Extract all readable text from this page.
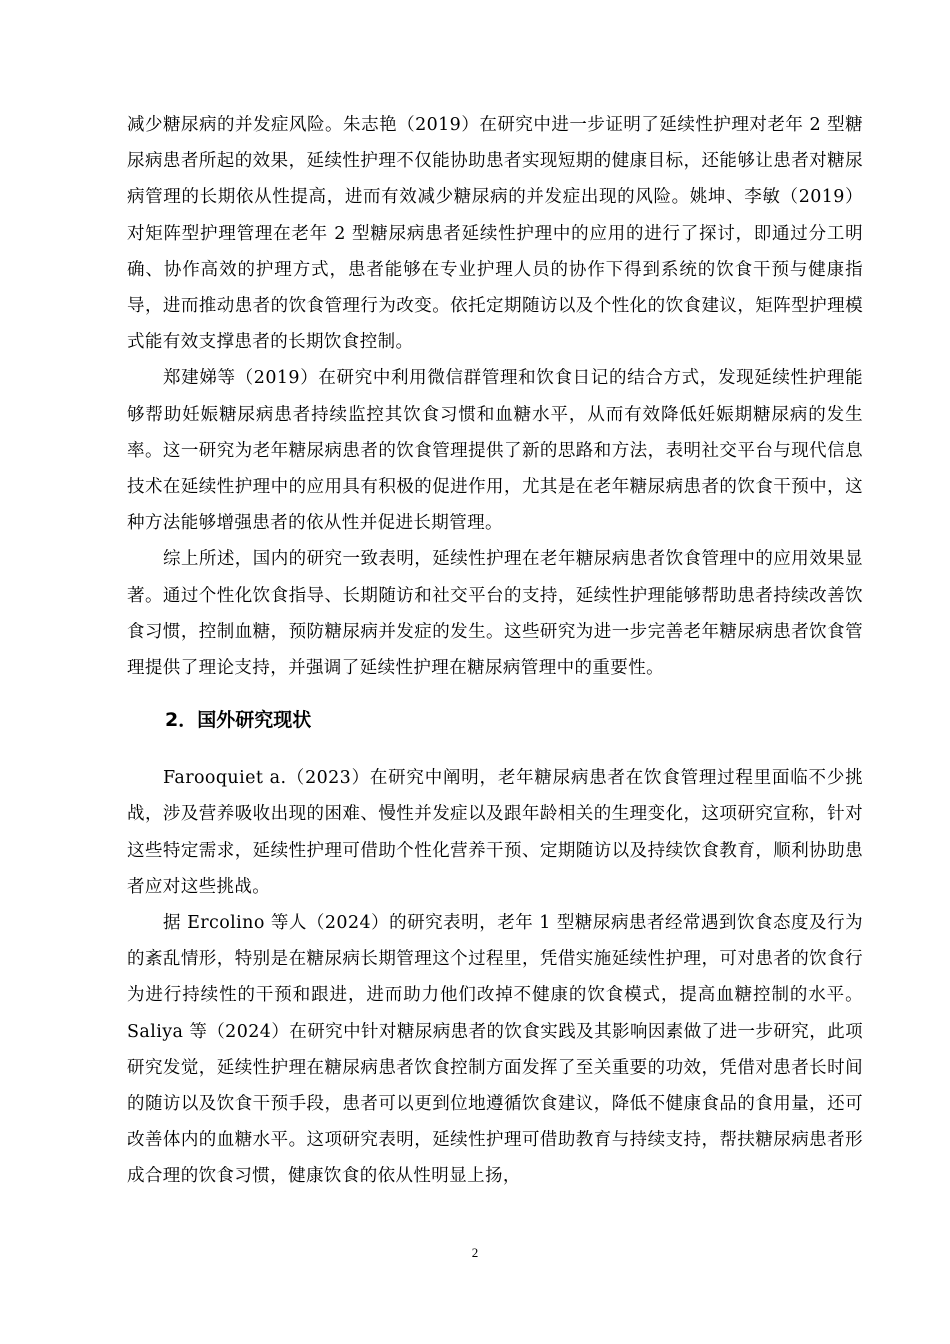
减少糖尿病的并发症风险。朱志艳（2019）在研究中进一步证明了延续性护理对老年 2 型糖尿病患者所起的效果，延续性护理不仅能协助患者实现短期的健康目标，还能够让患者对糖尿病管理的长期依从性提高，进而有效减少糖尿病的并发症出现的风险。姚坤、李敏（2019）对矩阵型护理管理在老年 2 型糖尿病患者延续性护理中的应用的进行了探讨，即通过分工明确、协作高效的护理方式，患者能够在专业护理人员的协作下得到系统的饮食干预与健康指导，进而推动患者的饮食管理行为改变。依托定期随访以及个性化的饮食建议，矩阵型护理模式能有效支撑患者的长期饮食控制。

郑建娣等（2019）在研究中利用微信群管理和饮食日记的结合方式，发现延续性护理能够帮助妊娠糖尿病患者持续监控其饮食习惯和血糖水平，从而有效降低妊娠期糖尿病的发生率。这一研究为老年糖尿病患者的饮食管理提供了新的思路和方法，表明社交平台与现代信息技术在延续性护理中的应用具有积极的促进作用，尤其是在老年糖尿病患者的饮食干预中，这种方法能够增强患者的依从性并促进长期管理。

综上所述，国内的研究一致表明，延续性护理在老年糖尿病患者饮食管理中的应用效果显著。通过个性化饮食指导、长期随访和社交平台的支持，延续性护理能够帮助患者持续改善饮食习惯，控制血糖，预防糖尿病并发症的发生。这些研究为进一步完善老年糖尿病患者饮食管理提供了理论支持，并强调了延续性护理在糖尿病管理中的重要性。

2．国外研究现状

Farooquiet a.（2023）在研究中阐明，老年糖尿病患者在饮食管理过程里面临不少挑战，涉及营养吸收出现的困难、慢性并发症以及跟年龄相关的生理变化，这项研究宣称，针对这些特定需求，延续性护理可借助个性化营养干预、定期随访以及持续饮食教育，顺利协助患者应对这些挑战。

据 Ercolino 等人（2024）的研究表明，老年 1 型糖尿病患者经常遇到饮食态度及行为的紊乱情形，特别是在糖尿病长期管理这个过程里，凭借实施延续性护理，可对患者的饮食行为进行持续性的干预和跟进，进而助力他们改掉不健康的饮食模式，提高血糖控制的水平。Saliya 等（2024）在研究中针对糖尿病患者的饮食实践及其影响因素做了进一步研究，此项研究发觉，延续性护理在糖尿病患者饮食控制方面发挥了至关重要的功效，凭借对患者长时间的随访以及饮食干预手段，患者可以更到位地遵循饮食建议，降低不健康食品的食用量，还可改善体内的血糖水平。这项研究表明，延续性护理可借助教育与持续支持，帮扶糖尿病患者形成合理的饮食习惯，健康饮食的依从性明显上扬，

2
